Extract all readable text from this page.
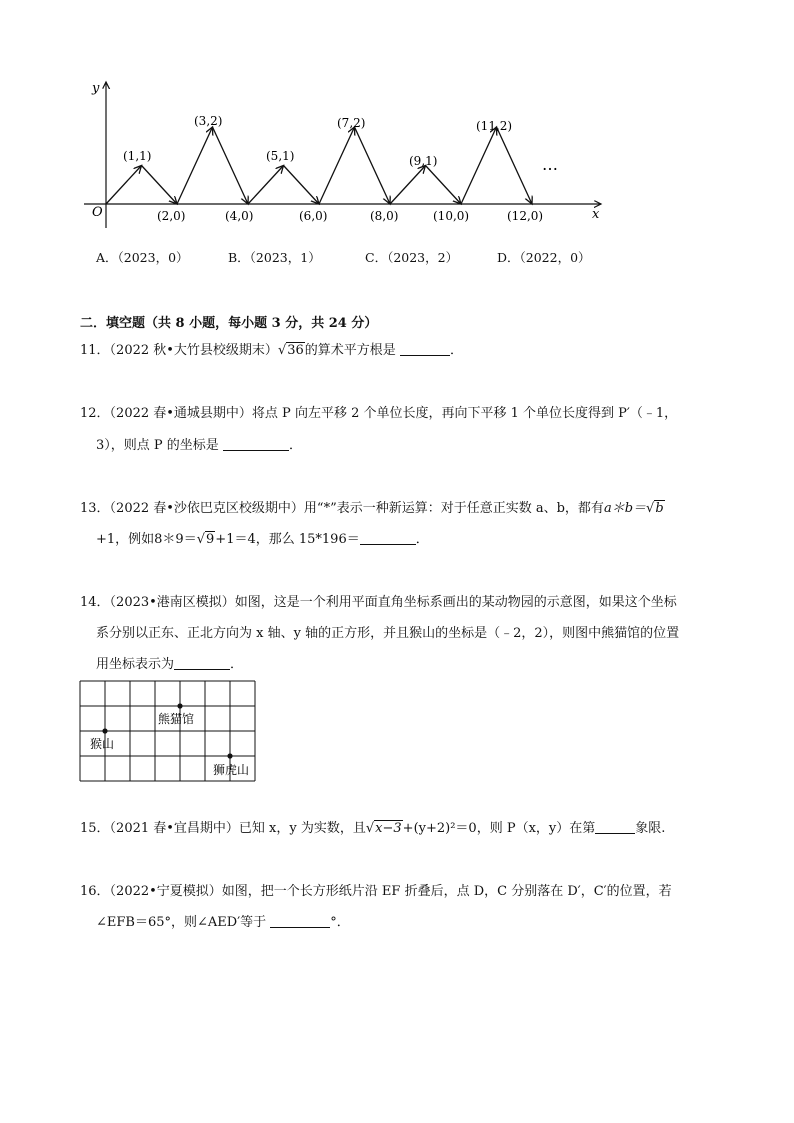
y
x
O
(1,1)
(3,2)
(5,1)
(7,2)
(9,1)
(11,2)
(2,0)	(4,0)	(6,0)	(8,0)	(10,0)	(12,0)
…
A．（2023，0）	B．（2023，1）	C．（2023，2）	D．（2022，0）
二．填空题（共 8 小题，每小题 3 分，共 24 分）
11．（2022 秋•大竹县校级期末）√36的算术平方根是	．
12．（2022 春•通城县期中）将点 P 向左平移 2 个单位长度，再向下平移 1 个单位长度得到 P′（﹣1，
3），则点 P 的坐标是	．
13．（2022 春•沙依巴克区校级期中）用“*”表示一种新运算：对于任意正实数 a、b，都有a＊b＝√b
+1，例如8＊9＝√9+1＝4，那么 15*196＝	．
14．（2023•港南区模拟）如图，这是一个利用平面直角坐标系画出的某动物园的示意图，如果这个坐标
系分别以正东、正北方向为 x 轴、y 轴的正方形，并且猴山的坐标是（﹣2，2），则图中熊猫馆的位置
用坐标表示为	．
熊猫馆
猴山
狮虎山
15．（2021 春•宜昌期中）已知 x，y 为实数，且√x−3+(y+2)²＝0，则 P（x，y）在第	象限.
16．（2022•宁夏模拟）如图，把一个长方形纸片沿 EF 折叠后，点 D，C 分别落在 D′，C′的位置，若
∠EFB＝65°，则∠AED′等于	°．
